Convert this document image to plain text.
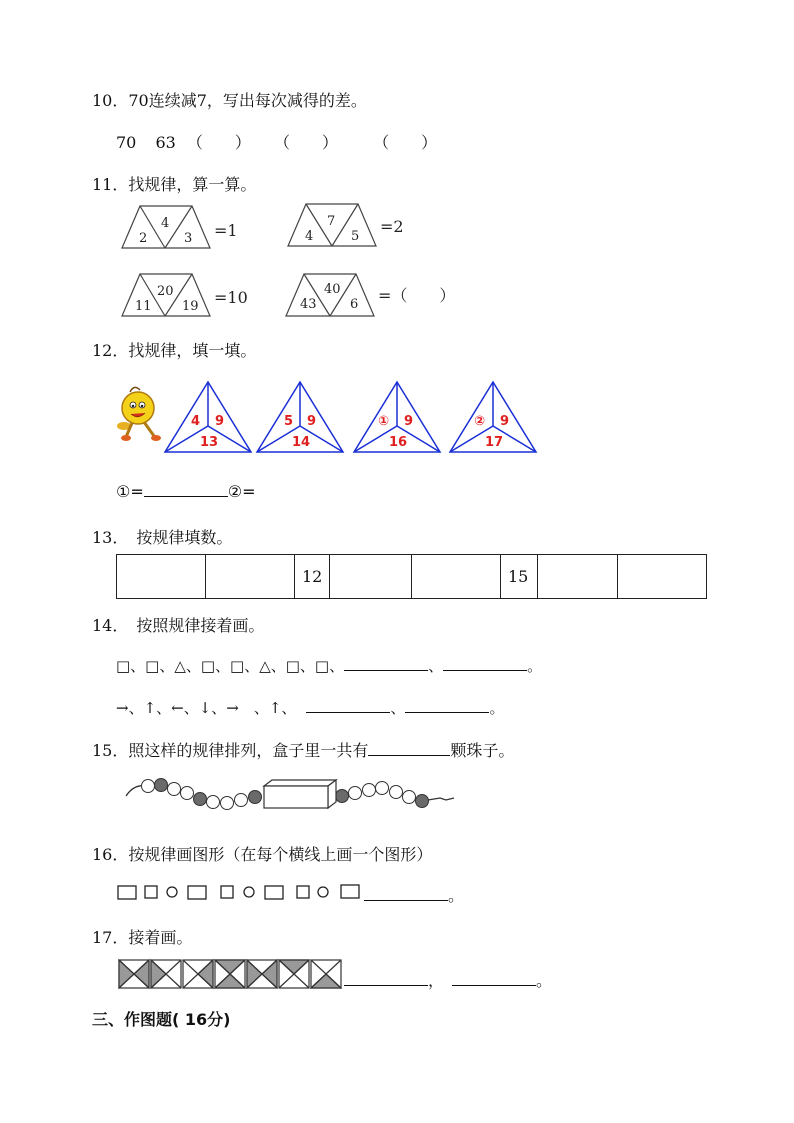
10．70连续减7，写出每次减得的差。
70 63 （　　） （　　） （　　）
11．找规律，算一算。
2
4
3 =1	4
7
5
=2
11
20
19 =10	43
40
6 =（　　）
12．找规律，填一填。
4 9
13
5 9
14
① 9
16
② 9
17
①=	②=
13．　按规律填数。
		12			15		
14．　按照规律接着画。
□、□、△、□、□、△、□、□、	、	。
→、↑、←、↓、→　、↑、	、	。
15．照这样的规律排列，盒子里一共有	颗珠子。
16．按规律画图形（在每个横线上画一个图形）
。
17．接着画。
，	。
三、作图题( 16分)
